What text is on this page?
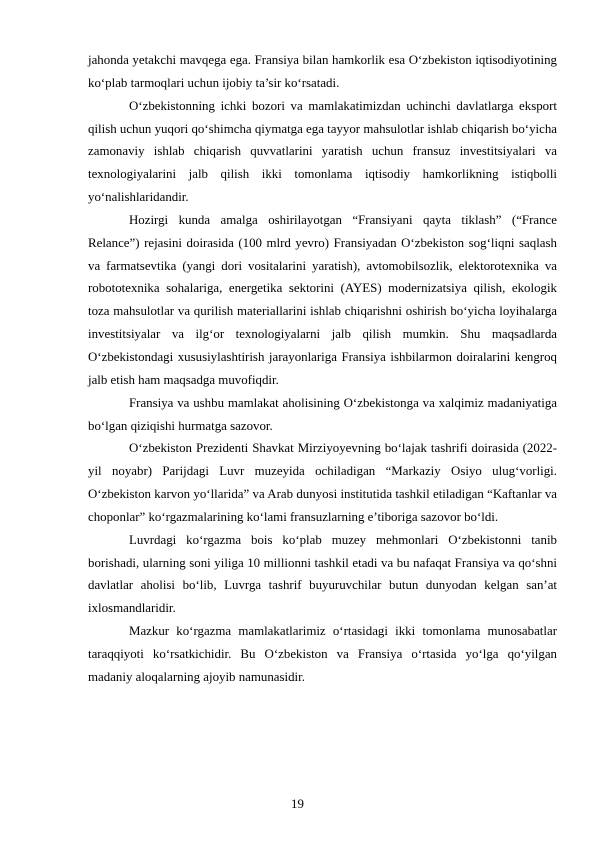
jahonda yetakchi mavqega ega. Fransiya bilan hamkorlik esa O‘zbekiston iqtisodiyotining ko‘plab tarmoqlari uchun ijobiy ta’sir ko‘rsatadi.

O‘zbekistonning ichki bozori va mamlakatimizdan uchinchi davlatlarga eksport qilish uchun yuqori qo‘shimcha qiymatga ega tayyor mahsulotlar ishlab chiqarish bo‘yicha zamonaviy ishlab chiqarish quvvatlarini yaratish uchun fransuz investitsiyalari va texnologiyalarini jalb qilish ikki tomonlama iqtisodiy hamkorlikning istiqbolli yo‘nalishlaridandir.

Hozirgi kunda amalga oshirilayotgan “Fransiyani qayta tiklash” (“France Relance”) rejasini doirasida (100 mlrd yevro) Fransiyadan O‘zbekiston sog‘liqni saqlash va farmatsevtika (yangi dori vositalarini yaratish), avtomobilsozlik, elektorotexnika va robototexnika sohalariga, energetika sektorini (AYES) modernizatsiya qilish, ekologik toza mahsulotlar va qurilish materiallarini ishlab chiqarishni oshirish bo‘yicha loyihalarga investitsiyalar va ilg‘or texnologiyalarni jalb qilish mumkin. Shu maqsadlarda O‘zbekistondagi xususiylashtirish jarayonlariga Fransiya ishbilarmon doiralarini kengroq jalb etish ham maqsadga muvofiqdir.

Fransiya va ushbu mamlakat aholisining O‘zbekistonga va xalqimiz madaniyatiga bo‘lgan qiziqishi hurmatga sazovor.

O‘zbekiston Prezidenti Shavkat Mirziyoyevning bo‘lajak tashrifi doirasida (2022-yil noyabr) Parijdagi Luvr muzeyida ochiladigan “Markaziy Osiyo ulug‘vorligi. O‘zbekiston karvon yo‘llarida” va Arab dunyosi institutida tashkil etiladigan “Kaftanlar va choponlar” ko‘rgazmalarining ko‘lami fransuzlarning e’tiboriga sazovor bo‘ldi.

Luvrdagi ko‘rgazma bois ko‘plab muzey mehmonlari O‘zbekistonni tanib borishadi, ularning soni yiliga 10 millionni tashkil etadi va bu nafaqat Fransiya va qo‘shni davlatlar aholisi bo‘lib, Luvrga tashrif buyuruvchilar butun dunyodan kelgan san’at ixlosmandlaridir.

Mazkur ko‘rgazma mamlakatlarimiz o‘rtasidagi ikki tomonlama munosabatlar taraqqiyoti ko‘rsatkichidir. Bu O‘zbekiston va Fransiya o‘rtasida yo‘lga qo‘yilgan madaniy aloqalarning ajoyib namunasidir.

19
